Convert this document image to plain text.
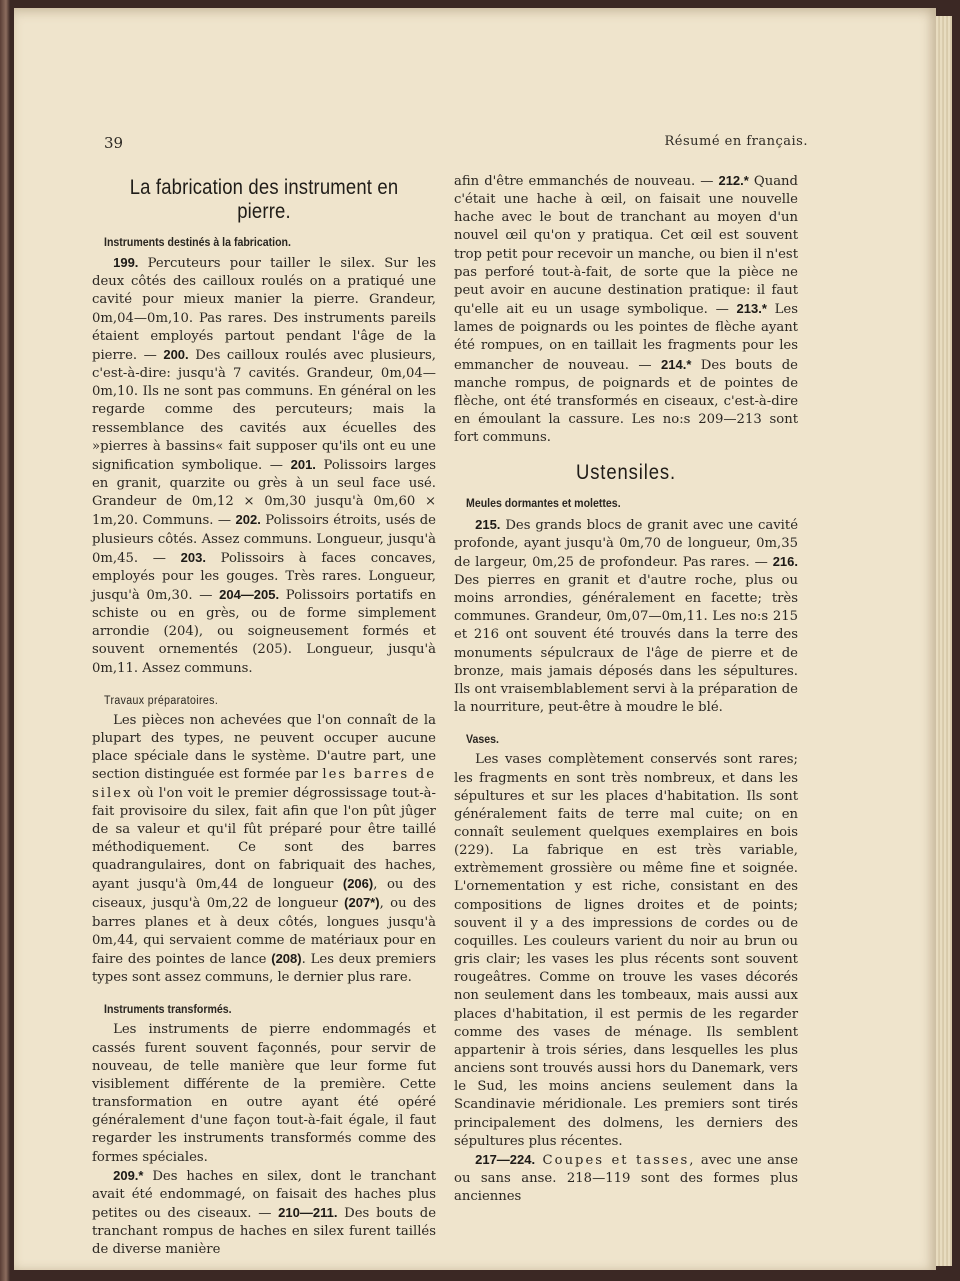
39	Résumé en français.
La fabrication des instrument en pierre.
Instruments destinés à la fabrication.

199. Percuteurs pour tailler le silex. Sur les deux côtés des cailloux roulés on a pratiqué une cavité pour mieux manier la pierre. Grandeur, 0m,04—0m,10. Pas rares. Des instruments pareils étaient employés partout pendant l'âge de la pierre. — 200. Des cailloux roulés avec plusieurs, c'est-à-dire: jusqu'à 7 cavités. Grandeur, 0m,04—0m,10. Ils ne sont pas communs. En général on les regarde comme des percuteurs; mais la ressemblance des cavités aux écuelles des »pierres à bassins« fait supposer qu'ils ont eu une signification symbolique. — 201. Polissoirs larges en granit, quarzite ou grès à un seul face usé. Grandeur de 0m,12 × 0m,30 jusqu'à 0m,60 × 1m,20. Communs. — 202. Polissoirs étroits, usés de plusieurs côtés. Assez communs. Longueur, jusqu'à 0m,45. — 203. Polissoirs à faces concaves, employés pour les gouges. Très rares. Longueur, jusqu'à 0m,30. — 204—205. Polissoirs portatifs en schiste ou en grès, ou de forme simplement arrondie (204), ou soigneusement formés et souvent ornementés (205). Longueur, jusqu'à 0m,11. Assez communs.

Travaux préparatoires.

Les pièces non achevées que l'on connaît de la plupart des types, ne peuvent occuper aucune place spéciale dans le système. D'autre part, une section distinguée est formée par les barres de silex où l'on voit le premier dégrossissage tout-à-fait provisoire du silex, fait afin que l'on pût jûger de sa valeur et qu'il fût préparé pour être taillé méthodiquement. Ce sont des barres quadrangulaires, dont on fabriquait des haches, ayant jusqu'à 0m,44 de longueur (206), ou des ciseaux, jusqu'à 0m,22 de longueur (207*), ou des barres planes et à deux côtés, longues jusqu'à 0m,44, qui servaient comme de matériaux pour en faire des pointes de lance (208). Les deux premiers types sont assez communs, le dernier plus rare.

Instruments transformés.

Les instruments de pierre endommagés et cassés furent souvent façonnés, pour servir de nouveau, de telle manière que leur forme fut visiblement différente de la première. Cette transformation en outre ayant été opéré généralement d'une façon tout-à-fait égale, il faut regarder les instruments transformés comme des formes spéciales.

209.* Des haches en silex, dont le tranchant avait été endommagé, on faisait des haches plus petites ou des ciseaux. — 210—211. Des bouts de tranchant rompus de haches en silex furent taillés de diverse manière

afin d'être emmanchés de nouveau. — 212.* Quand c'était une hache à œil, on faisait une nouvelle hache avec le bout de tranchant au moyen d'un nouvel œil qu'on y pratiqua. Cet œil est souvent trop petit pour recevoir un manche, ou bien il n'est pas perforé tout-à-fait, de sorte que la pièce ne peut avoir en aucune destination pratique: il faut qu'elle ait eu un usage symbolique. — 213.* Les lames de poignards ou les pointes de flèche ayant été rompues, on en taillait les fragments pour les emmancher de nouveau. — 214.* Des bouts de manche rompus, de poignards et de pointes de flèche, ont été transformés en ciseaux, c'est-à-dire en émoulant la cassure. Les no:s 209—213 sont fort communs.

Ustensiles.
Meules dormantes et molettes.

215. Des grands blocs de granit avec une cavité profonde, ayant jusqu'à 0m,70 de longueur, 0m,35 de largeur, 0m,25 de profondeur. Pas rares. — 216. Des pierres en granit et d'autre roche, plus ou moins arrondies, généralement en facette; très communes. Grandeur, 0m,07—0m,11. Les no:s 215 et 216 ont souvent été trouvés dans la terre des monuments sépulcraux de l'âge de pierre et de bronze, mais jamais déposés dans les sépultures. Ils ont vraisemblablement servi à la préparation de la nourriture, peut-être à moudre le blé.

Vases.

Les vases complètement conservés sont rares; les fragments en sont très nombreux, et dans les sépultures et sur les places d'habitation. Ils sont généralement faits de terre mal cuite; on en connaît seulement quelques exemplaires en bois (229). La fabrique en est très variable, extrèmement grossière ou même fine et soignée. L'ornementation y est riche, consistant en des compositions de lignes droites et de points; souvent il y a des impressions de cordes ou de coquilles. Les couleurs varient du noir au brun ou gris clair; les vases les plus récents sont souvent rougeâtres. Comme on trouve les vases décorés non seulement dans les tombeaux, mais aussi aux places d'habitation, il est permis de les regarder comme des vases de ménage. Ils semblent appartenir à trois séries, dans lesquelles les plus anciens sont trouvés aussi hors du Danemark, vers le Sud, les moins anciens seulement dans la Scandinavie méridionale. Les premiers sont tirés principalement des dolmens, les derniers des sépultures plus récentes.

217—224. Coupes et tasses, avec une anse ou sans anse. 218—119 sont des formes plus anciennes
